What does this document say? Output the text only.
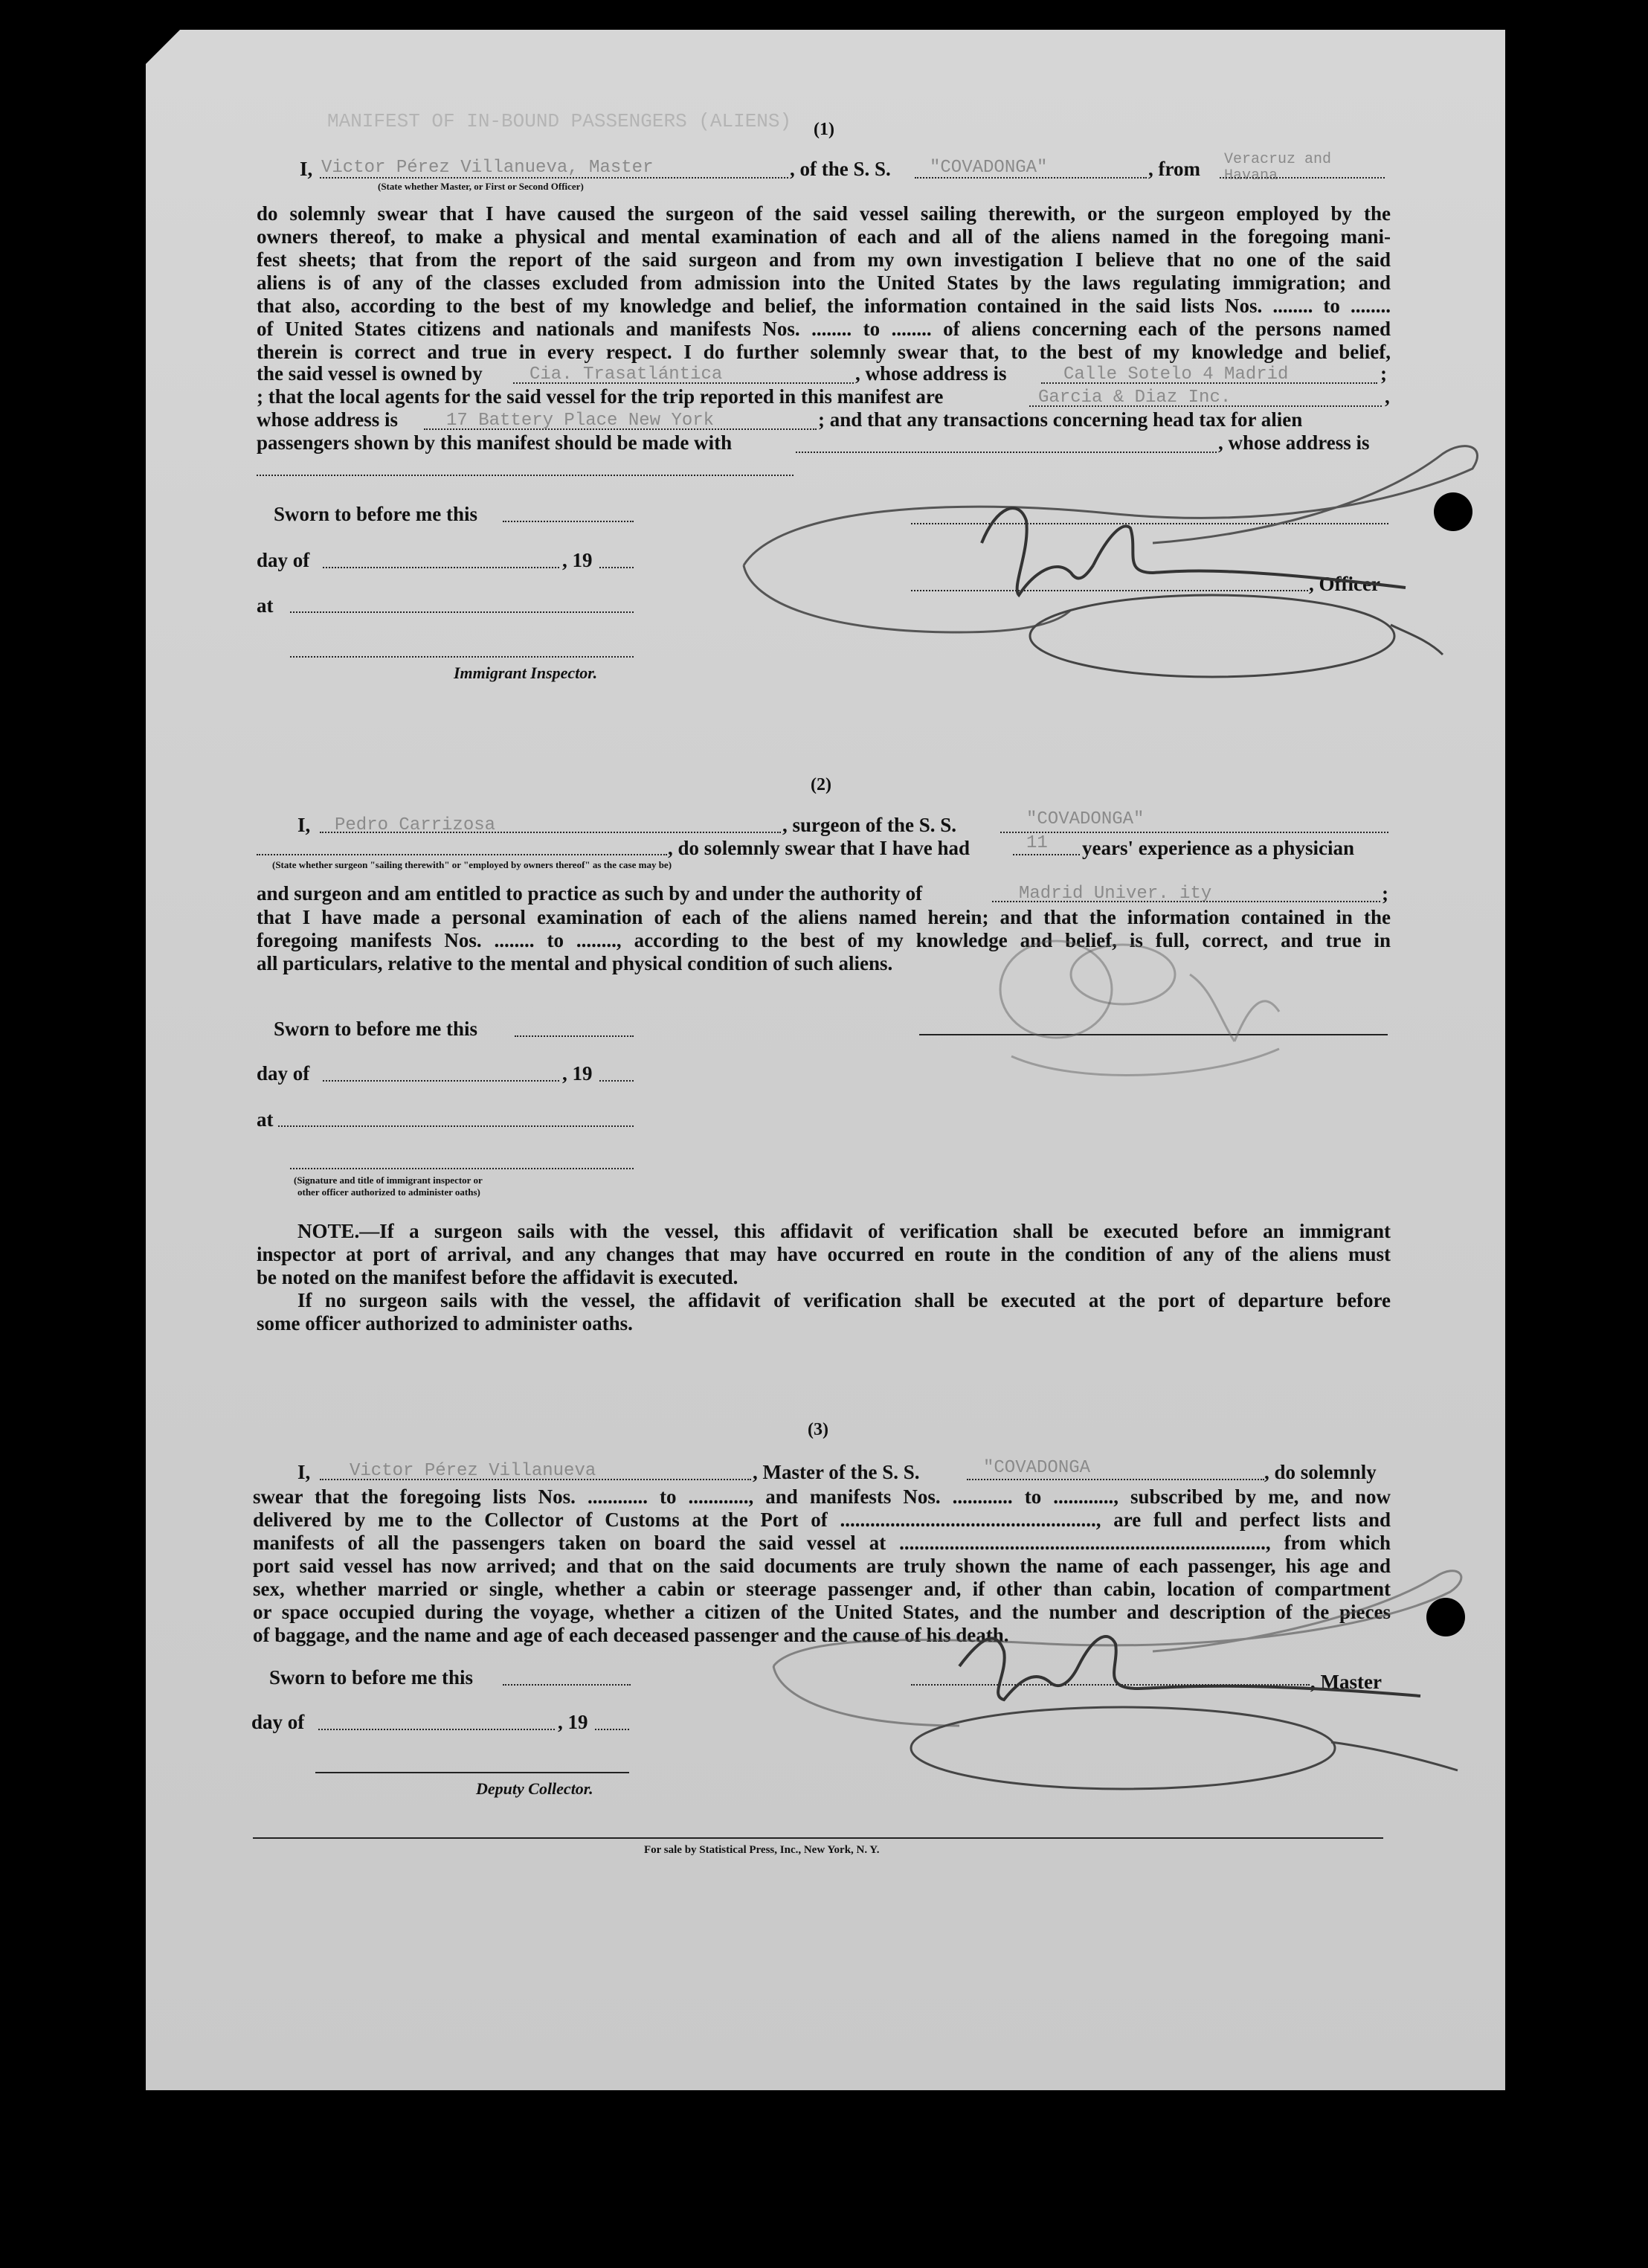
MANIFEST OF IN-BOUND PASSENGERS (ALIENS) (1)
I, Victor Pérez Villanueva, Master
(State whether Master, or First or Second Officer)
, of the S. S. "COVADONGA"	, from Veracruz and Havana
do solemnly swear that I have caused the surgeon of the said vessel sailing therewith, or the surgeon employed by the
owners thereof, to make a physical and mental examination of each and all of the aliens named in the foregoing mani-
fest sheets; that from the report of the said surgeon and from my own investigation I believe that no one of the said
aliens is of any of the classes excluded from admission into the United States by the laws regulating immigration; and
that also, according to the best of my knowledge and belief, the information contained in the said lists Nos. ........ to ........
of United States citizens and nationals and manifests Nos. ........ to ........ of aliens concerning each of the persons named
therein is correct and true in every respect. I do further solemnly swear that, to the best of my knowledge and belief,
the said vessel is owned by	Cia. Trasatlántica	, whose address is	Calle Sotelo 4 Madrid	;
; that the local agents for the said vessel for the trip reported in this manifest are	Garcia & Diaz Inc.	,
whose address is	17 Battery Place New York	; and that any transactions concerning head tax for alien
passengers shown by this manifest should be made with	, whose address is
Sworn to before me this
day of	, 19
at
Immigrant Inspector.
, Officer
(2)
I, Pedro Carrizosa	, surgeon of the S. S.	"COVADONGA"
, do solemnly swear that I have had	11 years' experience as a physician
(State whether surgeon "sailing therewith" or "employed by owners thereof" as the case may be)
and surgeon and am entitled to practice as such by and under the authority of	Madrid Univer. ity	;
that I have made a personal examination of each of the aliens named herein; and that the information contained in the
foregoing manifests Nos. ........ to ........, according to the best of my knowledge and belief, is full, correct, and true in
all particulars, relative to the mental and physical condition of such aliens.
Sworn to before me this
day of	, 19
at
(Signature and title of immigrant inspector or
other officer authorized to administer oaths)
NOTE.—If a surgeon sails with the vessel, this affidavit of verification shall be executed before an immigrant
inspector at port of arrival, and any changes that may have occurred en route in the condition of any of the aliens must
be noted on the manifest before the affidavit is executed.
If no surgeon sails with the vessel, the affidavit of verification shall be executed at the port of departure before
some officer authorized to administer oaths.
(3)
I, Victor Pérez Villanueva	, Master of the S. S.	"COVADONGA	, do solemnly
swear that the foregoing lists Nos. ............ to ............, and manifests Nos. ............ to ............, subscribed by me, and now
delivered by me to the Collector of Customs at the Port of ..................................................., are full and perfect lists and
manifests of all the passengers taken on board the said vessel at ........................................................................., from which
port said vessel has now arrived; and that on the said documents are truly shown the name of each passenger, his age and
sex, whether married or single, whether a cabin or steerage passenger and, if other than cabin, location of compartment
or space occupied during the voyage, whether a citizen of the United States, and the number and description of the pieces
of baggage, and the name and age of each deceased passenger and the cause of his death.
Sworn to before me this
day of	, 19
Deputy Collector.
, Master
For sale by Statistical Press, Inc., New York, N. Y.
